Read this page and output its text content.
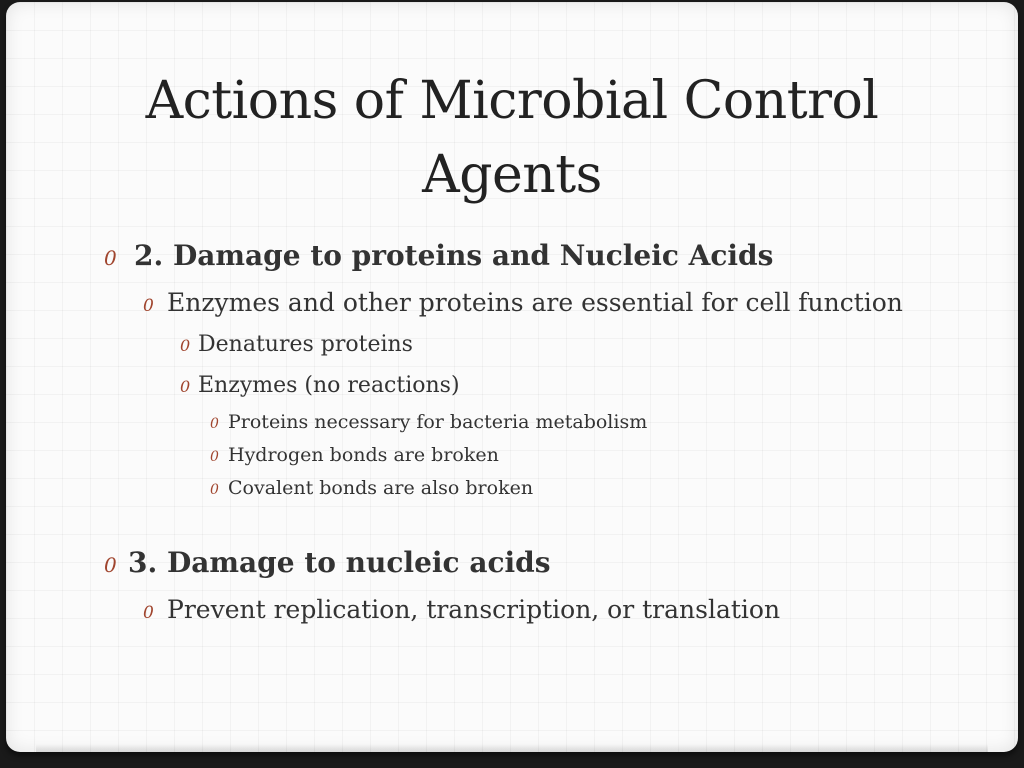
Actions of Microbial Control
Agents
0 2. Damage to proteins and Nucleic Acids
0 Enzymes and other proteins are essential for cell function
0 Denatures proteins
0 Enzymes (no reactions)
0 Proteins necessary for bacteria metabolism
0 Hydrogen bonds are broken
0 Covalent bonds are also broken
0 3. Damage to nucleic acids
0 Prevent replication, transcription, or translation
